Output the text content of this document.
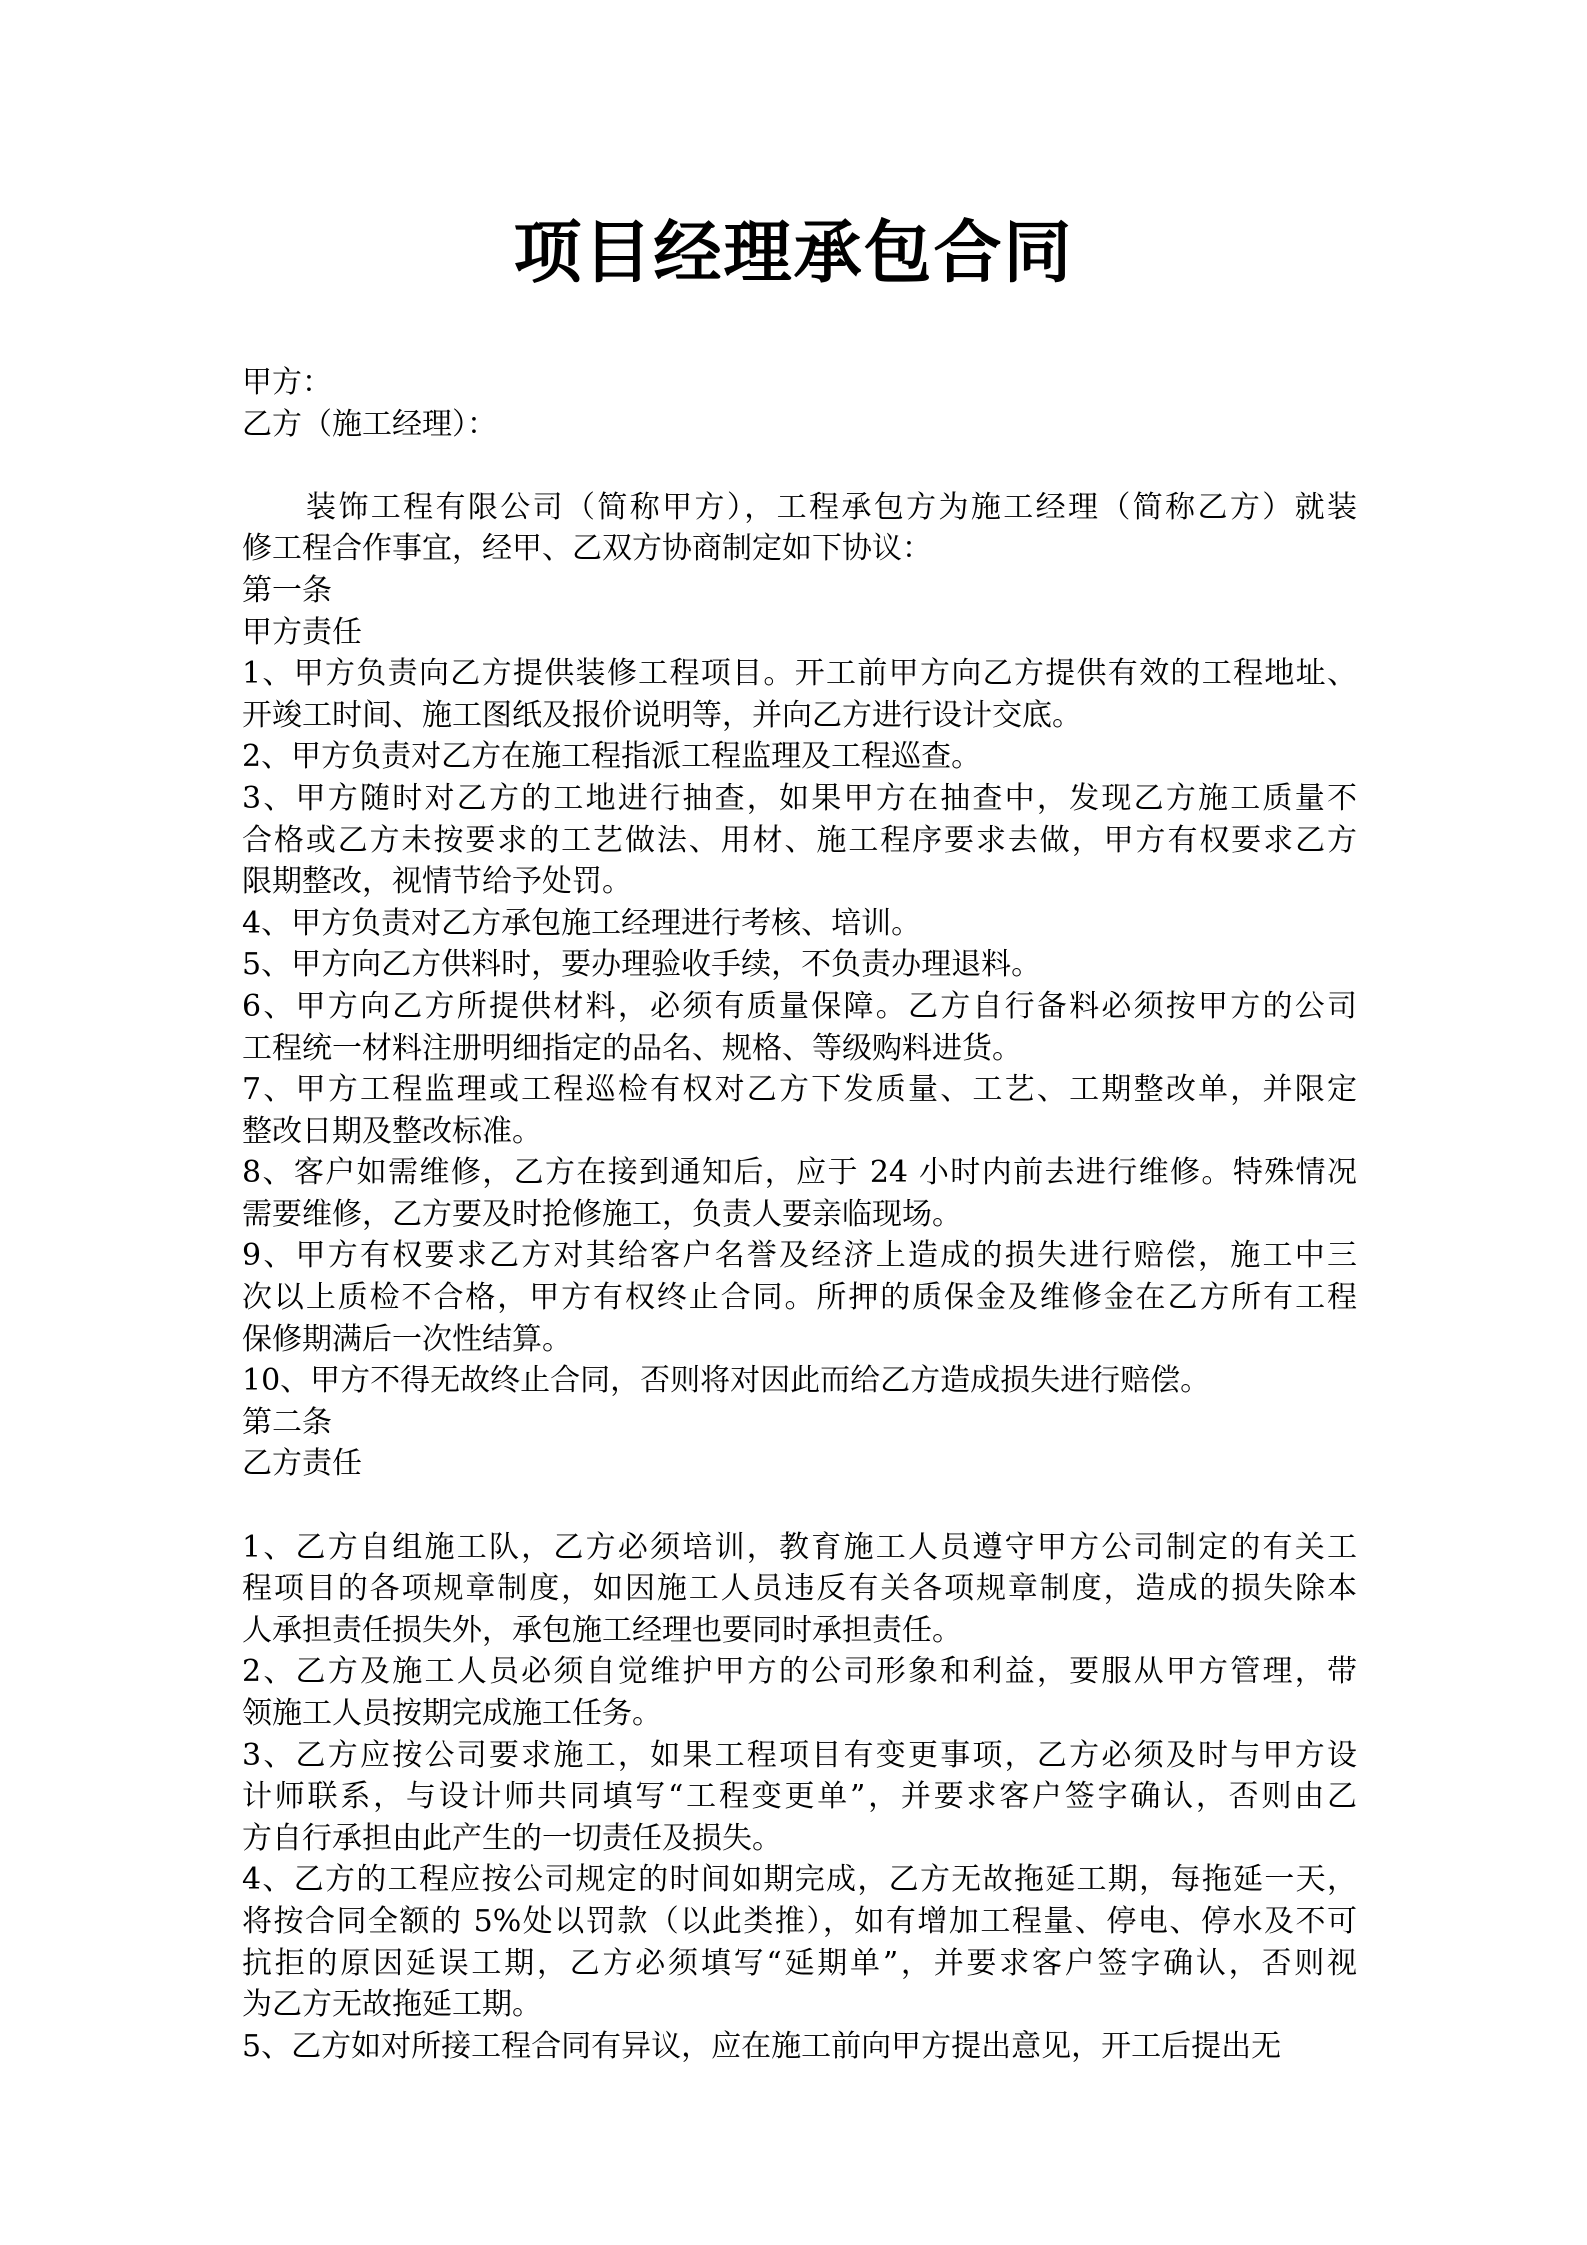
项目经理承包合同
甲方：
乙方（施工经理）：
装饰工程有限公司（简称甲方），工程承包方为施工经理（简称乙方）就装
修工程合作事宜，经甲、乙双方协商制定如下协议：
第一条
甲方责任
1、甲方负责向乙方提供装修工程项目。开工前甲方向乙方提供有效的工程地址、
开竣工时间、施工图纸及报价说明等，并向乙方进行设计交底。
2、甲方负责对乙方在施工程指派工程监理及工程巡查。
3、甲方随时对乙方的工地进行抽查，如果甲方在抽查中，发现乙方施工质量不
合格或乙方未按要求的工艺做法、用材、施工程序要求去做，甲方有权要求乙方
限期整改，视情节给予处罚。
4、甲方负责对乙方承包施工经理进行考核、培训。
5、甲方向乙方供料时，要办理验收手续，不负责办理退料。
6、甲方向乙方所提供材料，必须有质量保障。乙方自行备料必须按甲方的公司
工程统一材料注册明细指定的品名、规格、等级购料进货。
7、甲方工程监理或工程巡检有权对乙方下发质量、工艺、工期整改单，并限定
整改日期及整改标准。
8、客户如需维修，乙方在接到通知后，应于 24 小时内前去进行维修。特殊情况
需要维修，乙方要及时抢修施工，负责人要亲临现场。
9、甲方有权要求乙方对其给客户名誉及经济上造成的损失进行赔偿，施工中三
次以上质检不合格，甲方有权终止合同。所押的质保金及维修金在乙方所有工程
保修期满后一次性结算。
10、甲方不得无故终止合同，否则将对因此而给乙方造成损失进行赔偿。
第二条
乙方责任
1、乙方自组施工队，乙方必须培训，教育施工人员遵守甲方公司制定的有关工
程项目的各项规章制度，如因施工人员违反有关各项规章制度，造成的损失除本
人承担责任损失外，承包施工经理也要同时承担责任。
2、乙方及施工人员必须自觉维护甲方的公司形象和利益，要服从甲方管理，带
领施工人员按期完成施工任务。
3、乙方应按公司要求施工，如果工程项目有变更事项，乙方必须及时与甲方设
计师联系，与设计师共同填写“工程变更单”，并要求客户签字确认，否则由乙
方自行承担由此产生的一切责任及损失。
4、乙方的工程应按公司规定的时间如期完成，乙方无故拖延工期，每拖延一天，
将按合同全额的 5%处以罚款（以此类推），如有增加工程量、停电、停水及不可
抗拒的原因延误工期，乙方必须填写“延期单”，并要求客户签字确认，否则视
为乙方无故拖延工期。
5、乙方如对所接工程合同有异议，应在施工前向甲方提出意见，开工后提出无
